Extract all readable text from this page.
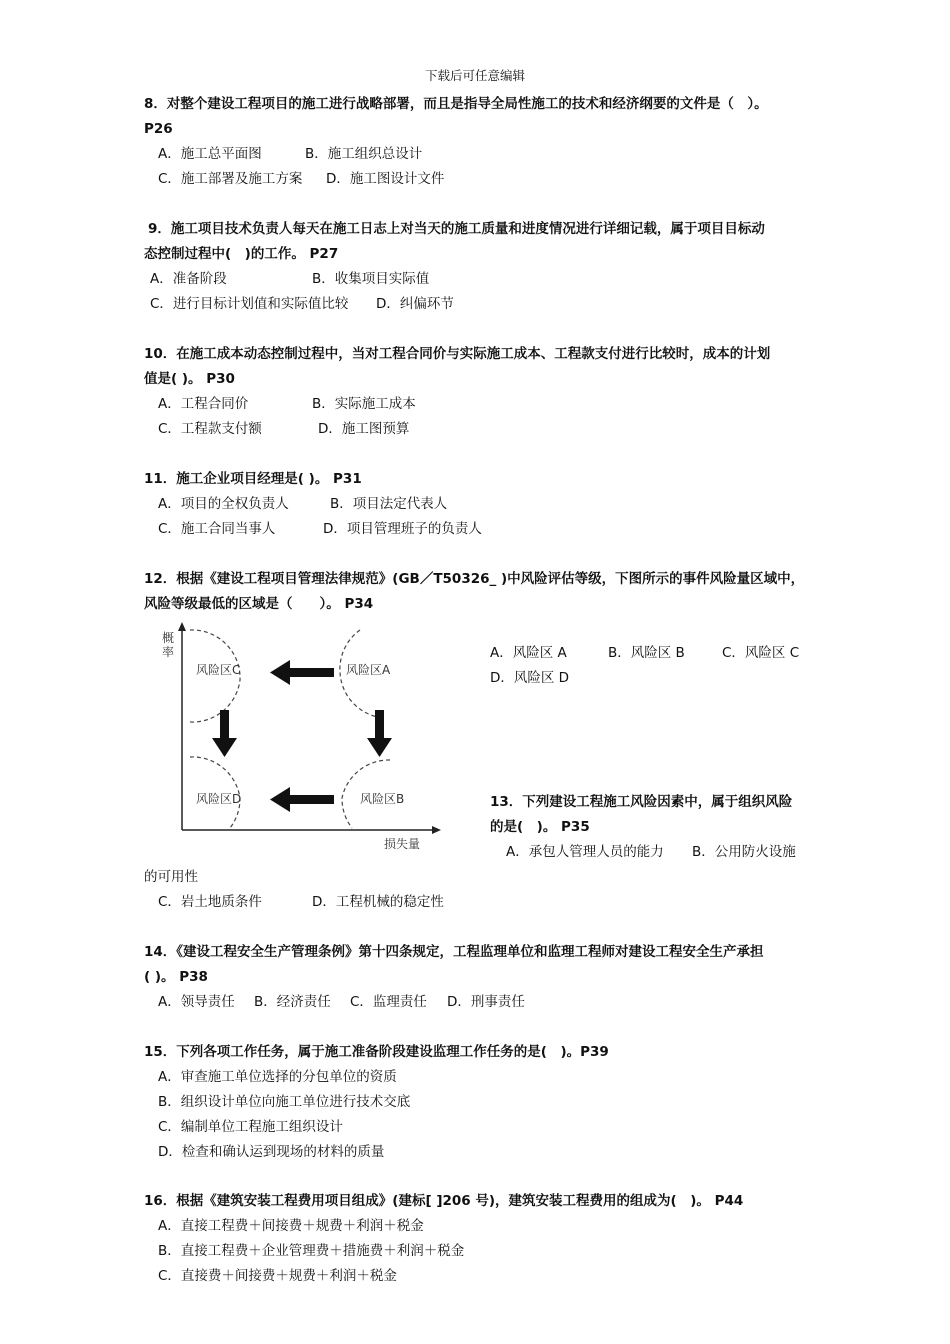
下载后可任意编辑
8．对整个建设工程项目的施工进行战略部署，而且是指导全局性施工的技术和经济纲要的文件是（　）。
P26
A．施工总平面图	B．施工组织总设计
C．施工部署及施工方案 D．施工图设计文件
9．施工项目技术负责人每天在施工日志上对当天的施工质量和进度情况进行详细记载，属于项目目标动
态控制过程中(　)的工作。 P27
A．准备阶段	B．收集项目实际值
C．进行目标计划值和实际值比较 D．纠偏环节
10．在施工成本动态控制过程中，当对工程合同价与实际施工成本、工程款支付进行比较时，成本的计划
值是( )。 P30
A．工程合同价	B．实际施工成本
C．工程款支付额	D．施工图预算
11．施工企业项目经理是( )。 P31
A．项目的全权负责人	B．项目法定代表人
C．施工合同当事人	D．项目管理班子的负责人
12．根据《建设工程项目管理法律规范》(GB／T50326_ )中风险评估等级，下图所示的事件风险量区域中，
风险等级最低的区域是（　　）。 P34
概
率
损失量
风险区C	风险区A
风险区D	风险区B
A．风险区 A	B．风险区 B	C．风险区 C
D．风险区 D
13．下列建设工程施工风险因素中，属于组织风险
的是(　)。 P35
A．承包人管理人员的能力 B．公用防火设施
的可用性
C．岩土地质条件	D．工程机械的稳定性
14．《建设工程安全生产管理条例》第十四条规定，工程监理单位和监理工程师对建设工程安全生产承担
( )。 P38
A．领导责任 B．经济责任 C．监理责任 D．刑事责任
15．下列各项工作任务，属于施工准备阶段建设监理工作任务的是(　)。P39
A．审查施工单位选择的分包单位的资质
B．组织设计单位向施工单位进行技术交底
C．编制单位工程施工组织设计
D．检查和确认运到现场的材料的质量
16．根据《建筑安装工程费用项目组成》(建标[ ]206 号)，建筑安装工程费用的组成为(　)。 P44
A．直接工程费＋间接费＋规费＋利润＋税金
B．直接工程费＋企业管理费＋措施费＋利润＋税金
C．直接费＋间接费＋规费＋利润＋税金
